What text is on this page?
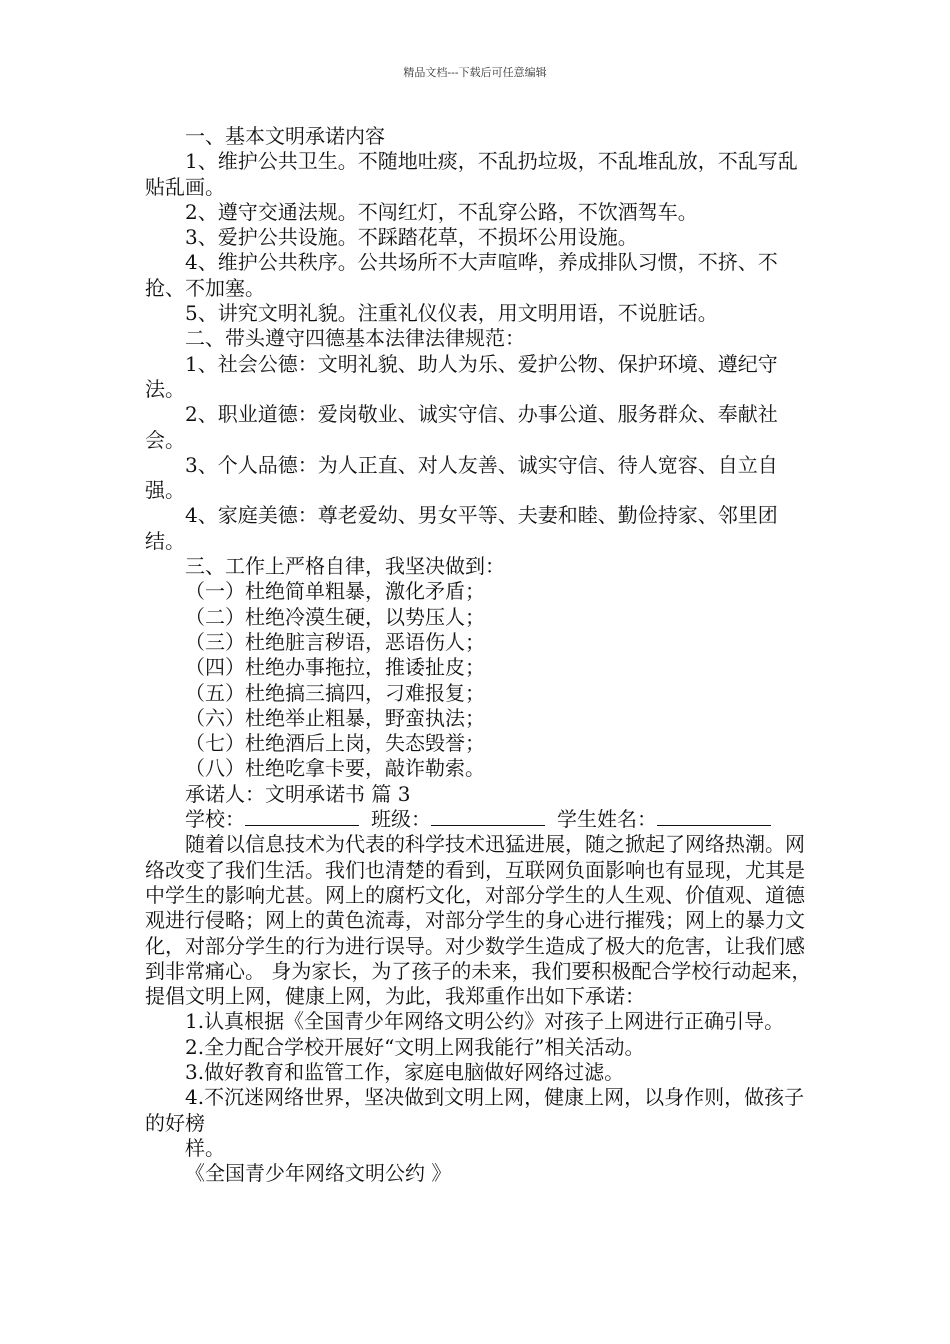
精品文档---下载后可任意编辑

一、基本文明承诺内容

1、维护公共卫生。不随地吐痰，不乱扔垃圾，不乱堆乱放，不乱写乱贴乱画。

2、遵守交通法规。不闯红灯，不乱穿公路，不饮酒驾车。

3、爱护公共设施。不踩踏花草，不损坏公用设施。

4、维护公共秩序。公共场所不大声喧哗，养成排队习惯，不挤、不抢、不加塞。

5、讲究文明礼貌。注重礼仪仪表，用文明用语，不说脏话。

二、带头遵守四德基本法律法律规范：

1、社会公德：文明礼貌、助人为乐、爱护公物、保护环境、遵纪守法。

2、职业道德：爱岗敬业、诚实守信、办事公道、服务群众、奉献社会。

3、个人品德：为人正直、对人友善、诚实守信、待人宽容、自立自强。

4、家庭美德：尊老爱幼、男女平等、夫妻和睦、勤俭持家、邻里团结。

三、工作上严格自律，我坚决做到：

（一）杜绝简单粗暴，激化矛盾；

（二）杜绝冷漠生硬，以势压人；

（三）杜绝脏言秽语，恶语伤人；

（四）杜绝办事拖拉，推诿扯皮；

（五）杜绝搞三搞四，刁难报复；

（六）杜绝举止粗暴，野蛮执法；

（七）杜绝酒后上岗，失态毁誉；

（八）杜绝吃拿卡要，敲诈勒索。

承诺人：文明承诺书 篇 3

学校：	班级：	学生姓名：

随着以信息技术为代表的科学技术迅猛进展，随之掀起了网络热潮。网络改变了我们生活。我们也清楚的看到，互联网负面影响也有显现，尤其是中学生的影响尤甚。网上的腐朽文化，对部分学生的人生观、价值观、道德观进行侵略；网上的黄色流毒，对部分学生的身心进行摧残；网上的暴力文化，对部分学生的行为进行误导。对少数学生造成了极大的危害，让我们感到非常痛心。 身为家长，为了孩子的未来，我们要积极配合学校行动起来，提倡文明上网，健康上网，为此，我郑重作出如下承诺：

1.认真根据《全国青少年网络文明公约》对孩子上网进行正确引导。

2.全力配合学校开展好“文明上网我能行”相关活动。

3.做好教育和监管工作，家庭电脑做好网络过滤。

4.不沉迷网络世界，坚决做到文明上网，健康上网，以身作则，做孩子的好榜

样。

《全国青少年网络文明公约 》
